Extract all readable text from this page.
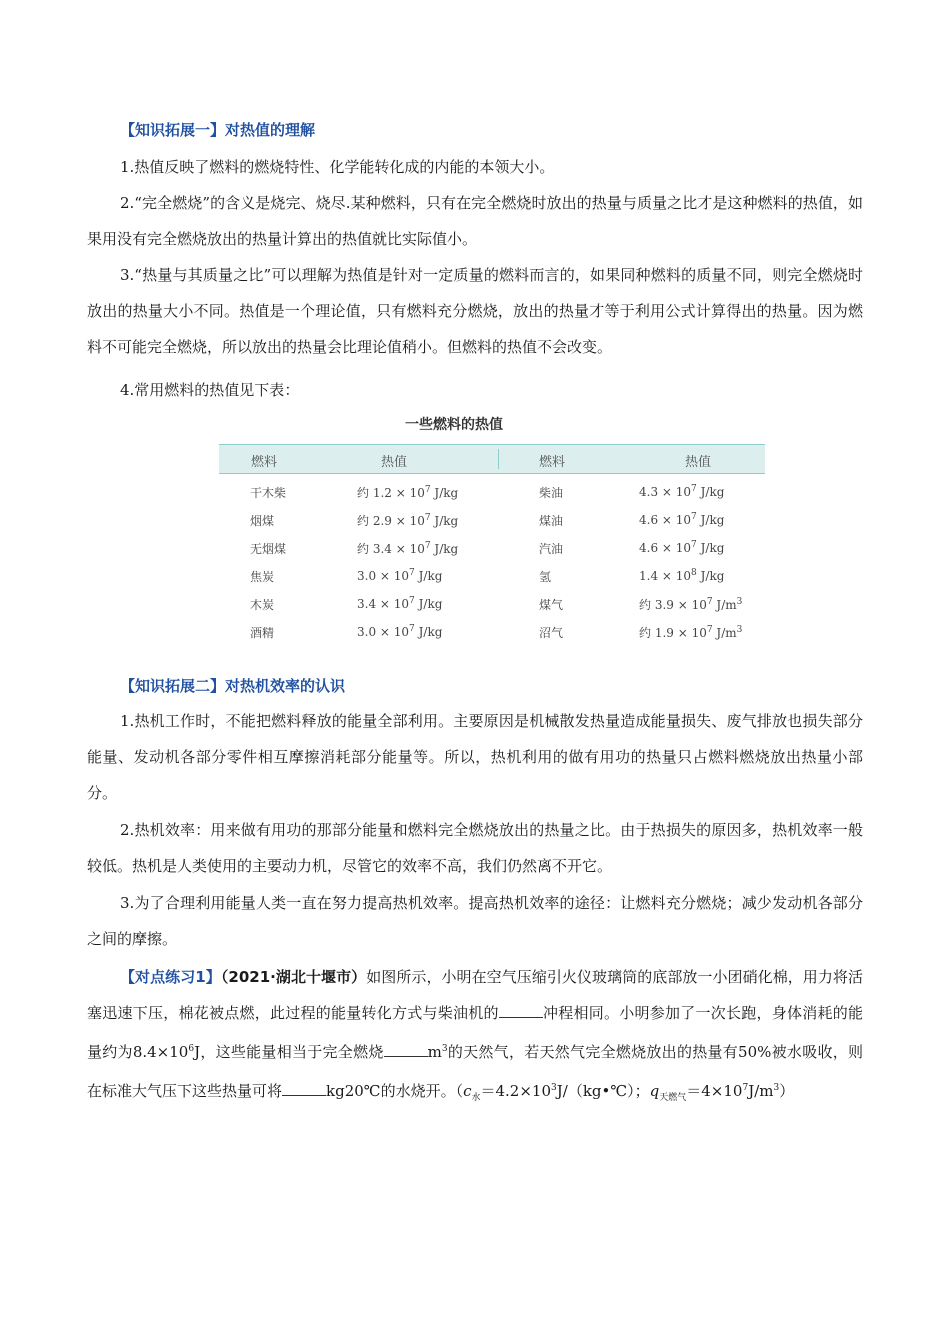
【知识拓展一】对热值的理解
1.热值反映了燃料的燃烧特性、化学能转化成的内能的本领大小。
2.“完全燃烧”的含义是烧完、烧尽.某种燃料，只有在完全燃烧时放出的热量与质量之比才是这种燃料的热值，如果用没有完全燃烧放出的热量计算出的热值就比实际值小。
3.“热量与其质量之比”可以理解为热值是针对一定质量的燃料而言的，如果同种燃料的质量不同，则完全燃烧时放出的热量大小不同。热值是一个理论值，只有燃料充分燃烧，放出的热量才等于利用公式计算得出的热量。因为燃料不可能完全燃烧，所以放出的热量会比理论值稍小。但燃料的热值不会改变。
4.常用燃料的热值见下表：
一些燃料的热值
燃料	热值	燃料	热值
干木柴	约 $1.2 \times 10^7$ J/kg	柴油	$4.3 \times 10^7$ J/kg
烟煤	约 $2.9 \times 10^7$ J/kg	煤油	$4.6 \times 10^7$ J/kg
无烟煤	约 $3.4 \times 10^7$ J/kg	汽油	$4.6 \times 10^7$ J/kg
焦炭	$3.0 \times 10^7$ J/kg	氢	$1.4 \times 10^8$ J/kg
木炭	$3.4 \times 10^7$ J/kg	煤气	约 $3.9 \times 10^7$ $J/m^3$
酒精	$3.0 \times 10^7$ J/kg	沼气	约 $1.9 \times 10^7$ $J/m^3$
【知识拓展二】对热机效率的认识
1.热机工作时，不能把燃料释放的能量全部利用。主要原因是机械散发热量造成能量损失、废气排放也损失部分能量、发动机各部分零件相互摩擦消耗部分能量等。所以，热机利用的做有用功的热量只占燃料燃烧放出热量小部分。
2.热机效率：用来做有用功的那部分能量和燃料完全燃烧放出的热量之比。由于热损失的原因多，热机效率一般较低。热机是人类使用的主要动力机，尽管它的效率不高，我们仍然离不开它。
3.为了合理利用能量人类一直在努力提高热机效率。提高热机效率的途径：让燃料充分燃烧；减少发动机各部分之间的摩擦。
【对点练习1】（2021·湖北十堰市）如图所示，小明在空气压缩引火仪玻璃筒的底部放一小团硝化棉，用力将活塞迅速下压，棉花被点燃，此过程的能量转化方式与柴油机的	冲程相同。小明参加了一次长跑，身体消耗的能量约为$8.4\times 10^6J$，这些能量相当于完全燃烧	$m^3$的天然气，若天然气完全燃烧放出的热量有50%被水吸收，则在标准大气压下这些热量可将	kg20℃的水烧开。（$c_水=4.2\times 10^3J/(kg•℃)$；$q_{天燃气}=4\times 10^7J/m^3$）
